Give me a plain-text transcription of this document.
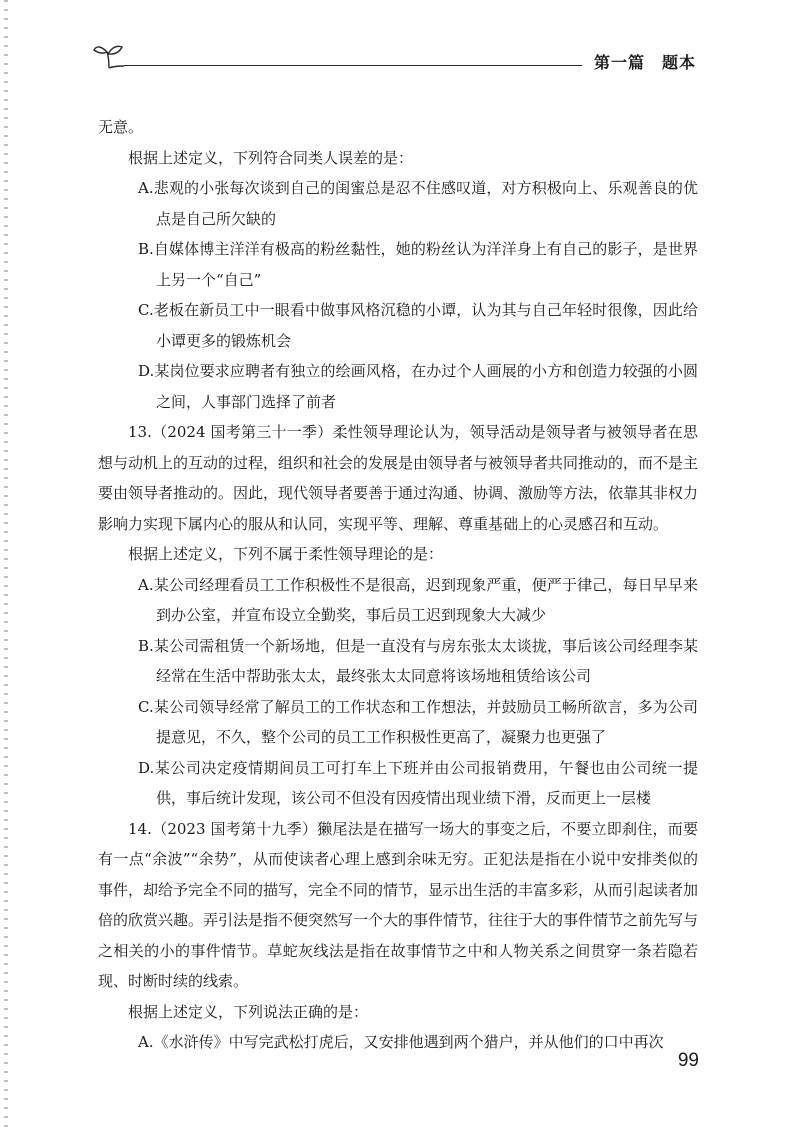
第一篇　题本

无意。

根据上述定义，下列符合同类人误差的是：

A.悲观的小张每次谈到自己的闺蜜总是忍不住感叹道，对方积极向上、乐观善良的优点是自己所欠缺的

B.自媒体博主洋洋有极高的粉丝黏性，她的粉丝认为洋洋身上有自己的影子，是世界上另一个“自己”

C.老板在新员工中一眼看中做事风格沉稳的小谭，认为其与自己年轻时很像，因此给小谭更多的锻炼机会

D.某岗位要求应聘者有独立的绘画风格，在办过个人画展的小方和创造力较强的小圆之间，人事部门选择了前者

13.（2024 国考第三十一季）柔性领导理论认为，领导活动是领导者与被领导者在思想与动机上的互动的过程，组织和社会的发展是由领导者与被领导者共同推动的，而不是主要由领导者推动的。因此，现代领导者要善于通过沟通、协调、激励等方法，依靠其非权力影响力实现下属内心的服从和认同，实现平等、理解、尊重基础上的心灵感召和互动。

根据上述定义，下列不属于柔性领导理论的是：

A.某公司经理看员工工作积极性不是很高，迟到现象严重，便严于律己，每日早早来到办公室，并宣布设立全勤奖，事后员工迟到现象大大减少

B.某公司需租赁一个新场地，但是一直没有与房东张太太谈拢，事后该公司经理李某经常在生活中帮助张太太，最终张太太同意将该场地租赁给该公司

C.某公司领导经常了解员工的工作状态和工作想法，并鼓励员工畅所欲言，多为公司提意见，不久，整个公司的员工工作积极性更高了，凝聚力也更强了

D.某公司决定疫情期间员工可打车上下班并由公司报销费用，午餐也由公司统一提供，事后统计发现，该公司不但没有因疫情出现业绩下滑，反而更上一层楼

14.（2023 国考第十九季）獭尾法是在描写一场大的事变之后，不要立即刹住，而要有一点“余波”“余势”，从而使读者心理上感到余味无穷。正犯法是指在小说中安排类似的事件，却给予完全不同的描写，完全不同的情节，显示出生活的丰富多彩，从而引起读者加倍的欣赏兴趣。弄引法是指不便突然写一个大的事件情节，往往于大的事件情节之前先写与之相关的小的事件情节。草蛇灰线法是指在故事情节之中和人物关系之间贯穿一条若隐若现、时断时续的线索。

根据上述定义，下列说法正确的是：

A.《水浒传》中写完武松打虎后，又安排他遇到两个猎户，并从他们的口中再次

99
